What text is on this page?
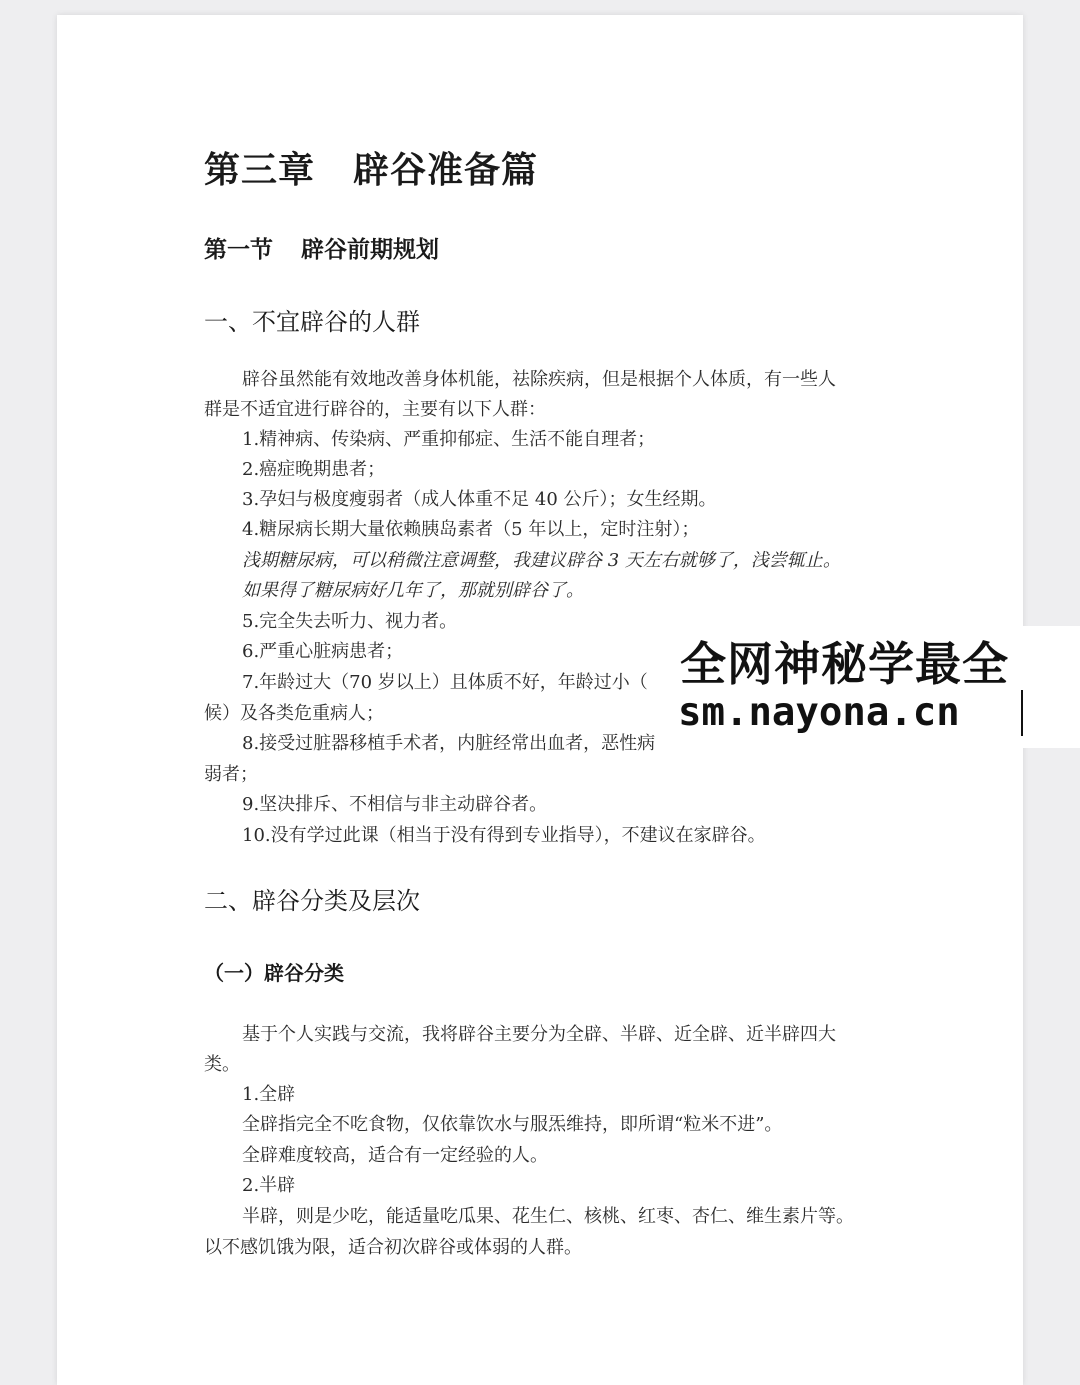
第三章 辟谷准备篇
第一节 辟谷前期规划
一、不宜辟谷的人群
辟谷虽然能有效地改善身体机能，祛除疾病，但是根据个人体质，有一些人
群是不适宜进行辟谷的，主要有以下人群：
1.精神病、传染病、严重抑郁症、生活不能自理者；
2.癌症晚期患者；
3.孕妇与极度瘦弱者（成人体重不足 40 公斤）；女生经期。
4.糖尿病长期大量依赖胰岛素者（5 年以上，定时注射）；
浅期糖尿病，可以稍微注意调整，我建议辟谷 3 天左右就够了，浅尝辄止。
如果得了糖尿病好几年了，那就别辟谷了。
5.完全失去听力、视力者。
6.严重心脏病患者；
7.年龄过大（70 岁以上）且体质不好，年龄过小（
候）及各类危重病人；
8.接受过脏器移植手术者，内脏经常出血者，恶性病
弱者；
9.坚决排斥、不相信与非主动辟谷者。
10.没有学过此课（相当于没有得到专业指导），不建议在家辟谷。
二、辟谷分类及层次
（一）辟谷分类
基于个人实践与交流，我将辟谷主要分为全辟、半辟、近全辟、近半辟四大
类。
1.全辟
全辟指完全不吃食物，仅依靠饮水与服炁维持，即所谓“粒米不进”。
全辟难度较高，适合有一定经验的人。
2.半辟
半辟，则是少吃，能适量吃瓜果、花生仁、核桃、红枣、杏仁、维生素片等。
以不感饥饿为限，适合初次辟谷或体弱的人群。
全网神秘学最全
sm.nayona.cn
